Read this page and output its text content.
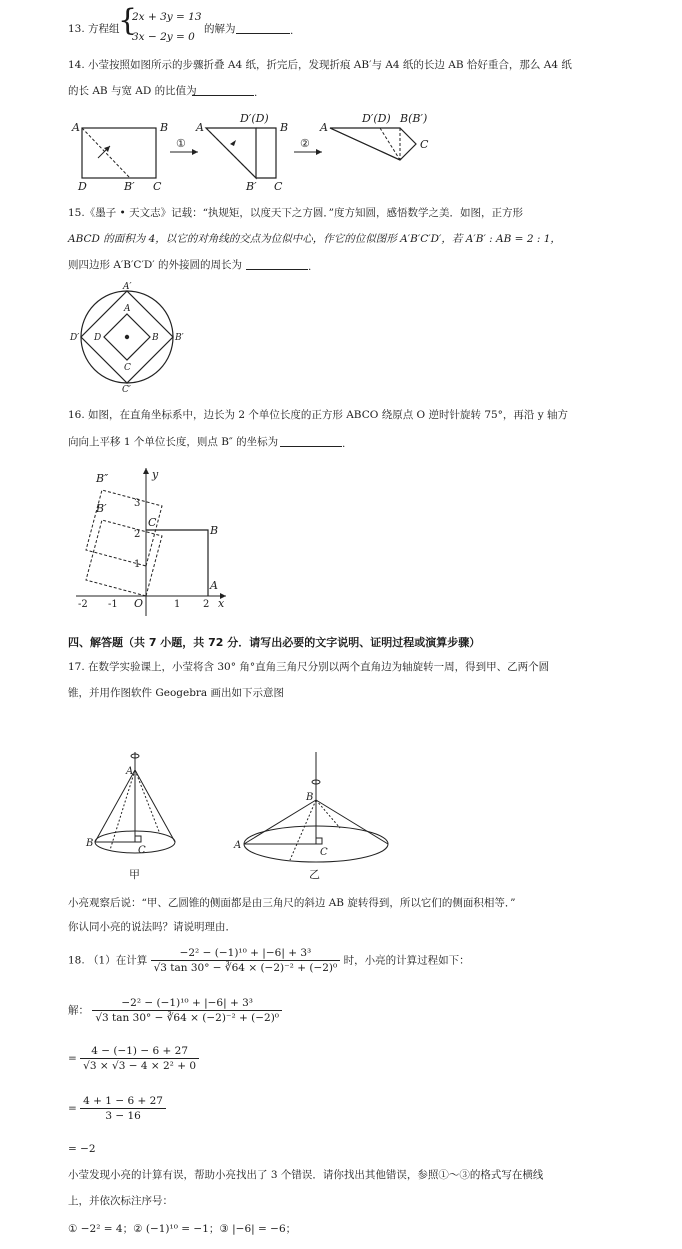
13. 方程组
{
2x + 3y = 13
3x − 2y = 0
的解为	.
14. 小莹按照如图所示的步骤折叠 A4 纸，折完后，发现折痕 AB′与 A4 纸的长边 AB 恰好重合，那么 A4 纸
的长 AB 与宽 AD 的比值为	.
A	B
D	B′ C
①
A
D′(D)
B
B′ C
②
A
D′(D) B(B′)
C
15.《墨子 • 天文志》记载：“执规矩，以度天下之方圆．”度方知圆，感悟数学之美．如图，正方形
ABCD 的面积为 4，以它的对角线的交点为位似中心，作它的位似图形 A′B′C′D′，若 A′B′ : AB = 2 : 1，
则四边形 A′B′C′D′ 的外接圆的周长为	.
A′
A
D′ D	B B′
C
C′
16. 如图，在直角坐标系中，边长为 2 个单位长度的正方形 ABCO 绕原点 O 逆时针旋转 75°，再沿 y 轴方
向向上平移 1 个单位长度，则点 B″ 的坐标为	.
B″
B′
y
x
C
B
A
O
3
2
1
-2 -1	1 2
四、解答题（共 7 小题，共 72 分．请写出必要的文字说明、证明过程或演算步骤）
17. 在数学实验课上，小莹将含 30° 角°直角三角尺分别以两个直角边为轴旋转一周，得到甲、乙两个圆
锥，并用作图软件 Geogebra 画出如下示意图
A
B
C
甲
B
A
C
乙
小亮观察后说：“甲、乙圆锥的侧面都是由三角尺的斜边 AB 旋转得到，所以它们的侧面积相等．”
你认同小亮的说法吗？请说明理由．
18. （1）在计算 $\frac{\text{−2² − (−1)¹⁰ + |−6| + 3³}}{\text{√3 tan 30° − ∛64 × (−2)⁻² + (−2)⁰}}$ 时，小亮的计算过程如下：
解： $\frac{\text{−2² − (−1)¹⁰ + |−6| + 3³}}{\text{√3 tan 30° − ∛64 × (−2)⁻² + (−2)⁰}}$
= $\frac{4 - (-1) - 6 + 27}{\text{√3 × √3 − 4 × 2² + 0}}$
= $\frac{4 + 1 - 6 + 27}{3 - 16}$
= −2
小莹发现小亮的计算有误，帮助小亮找出了 3 个错误．请你找出其他错误，参照①～③的格式写在横线
上，并依次标注序号：
① −2² = 4；② (−1)¹⁰ = −1；③ |−6| = −6；
